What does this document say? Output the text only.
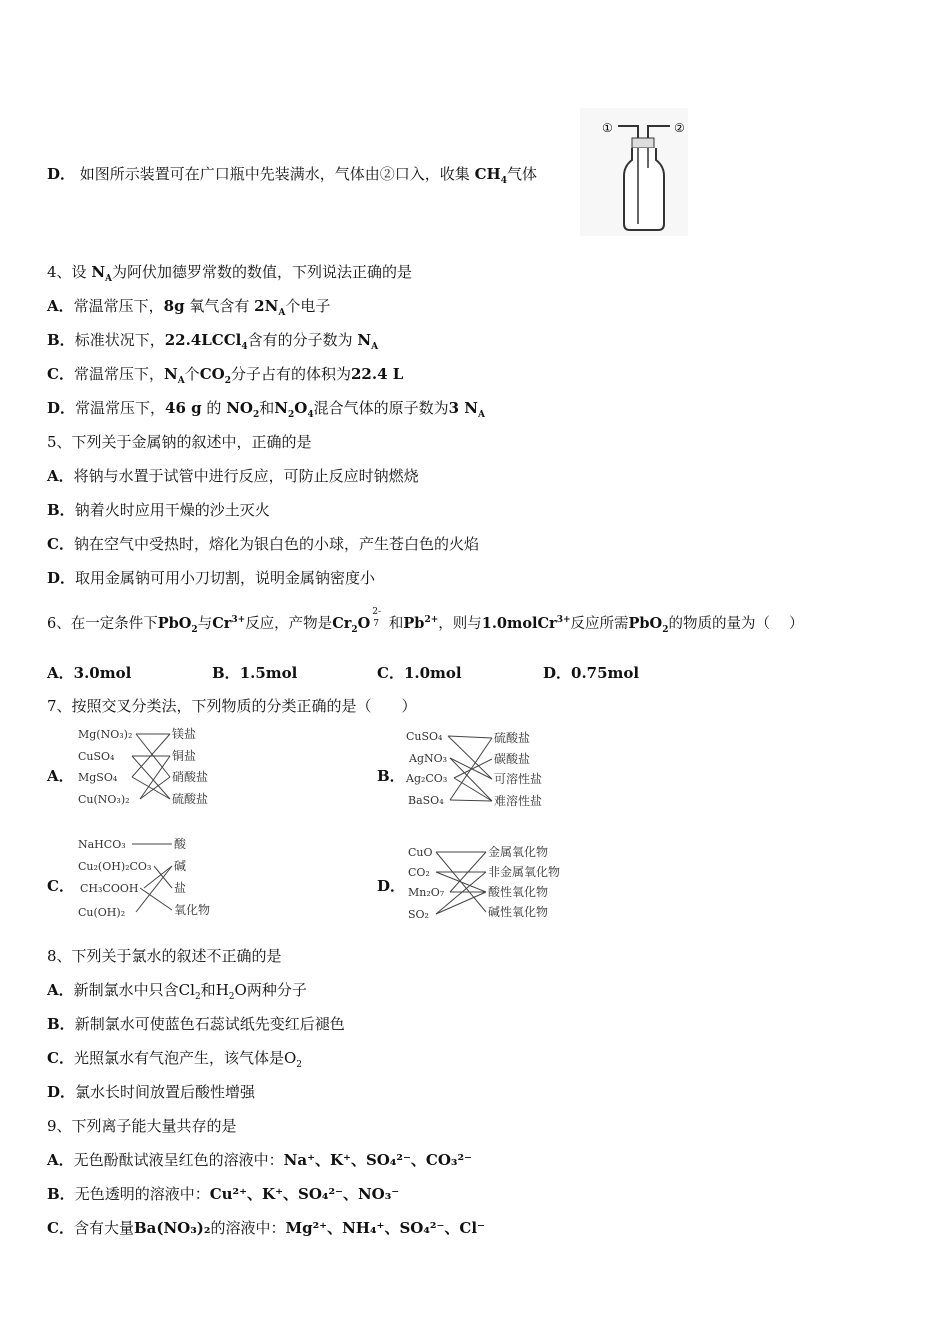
D． 如图所示装置可在广口瓶中先装满水，气体由②口入，收集 $CH_4$气体
①	②
4、设 $N_A$为阿伏加德罗常数的数值，下列说法正确的是
A．常温常压下，8g 氧气含有 $2N_A$个电子
B．标准状况下，22.4LCCl$_4$含有的分子数为 $N_A$
C．常温常压下，$N_A$个$CO_2$分子占有的体积为22.4 L
D．常温常压下，46 g 的 $NO_2$和$N_2O_4$混合气体的原子数为3 $N_A$
5、下列关于金属钠的叙述中，正确的是
A．将钠与水置于试管中进行反应，可防止反应时钠燃烧
B．钠着火时应用干燥的沙土灭火
C．钠在空气中受热时，熔化为银白色的小球，产生苍白色的火焰
D．取用金属钠可用小刀切割，说明金属钠密度小
6、在一定条件下PbO$_2$与$Cr^{3+}$反应，产物是$Cr_2O$
2-
7 和$Pb^{2+}$，则与1.0molCr$^{3+}$反应所需PbO$_2$的物质的量为（　 ）
A．3.0mol	B．1.5mol	C．1.0mol	D．0.75mol
7、按照交叉分类法，下列物质的分类正确的是（　　）
A．
Mg(NO₃)₂
CuSO₄
MgSO₄
Cu(NO₃)₂
镁盐
铜盐
硝酸盐
硫酸盐
B．
CuSO₄
AgNO₃
Ag₂CO₃
BaSO₄
硫酸盐
碳酸盐
可溶性盐
难溶性盐
C．
NaHCO₃
Cu₂(OH)₂CO₃
CH₃COOH
Cu(OH)₂
酸
碱
盐
氧化物
D．
CuO
CO₂
Mn₂O₇
SO₂
金属氧化物
非金属氧化物
酸性氧化物
碱性氧化物
8、下列关于氯水的叙述不正确的是
A．新制氯水中只含$Cl_2$和$H_2O$两种分子
B．新制氯水可使蓝色石蕊试纸先变红后褪色
C．光照氯水有气泡产生，该气体是$O_2$
D．氯水长时间放置后酸性增强
9、下列离子能大量共存的是
A．无色酚酞试液呈红色的溶液中：Na⁺、K⁺、SO₄²⁻、CO₃²⁻
B．无色透明的溶液中：Cu²⁺、K⁺、SO₄²⁻、NO₃⁻
C．含有大量Ba(NO₃)₂的溶液中：Mg²⁺、NH₄⁺、SO₄²⁻、Cl⁻
